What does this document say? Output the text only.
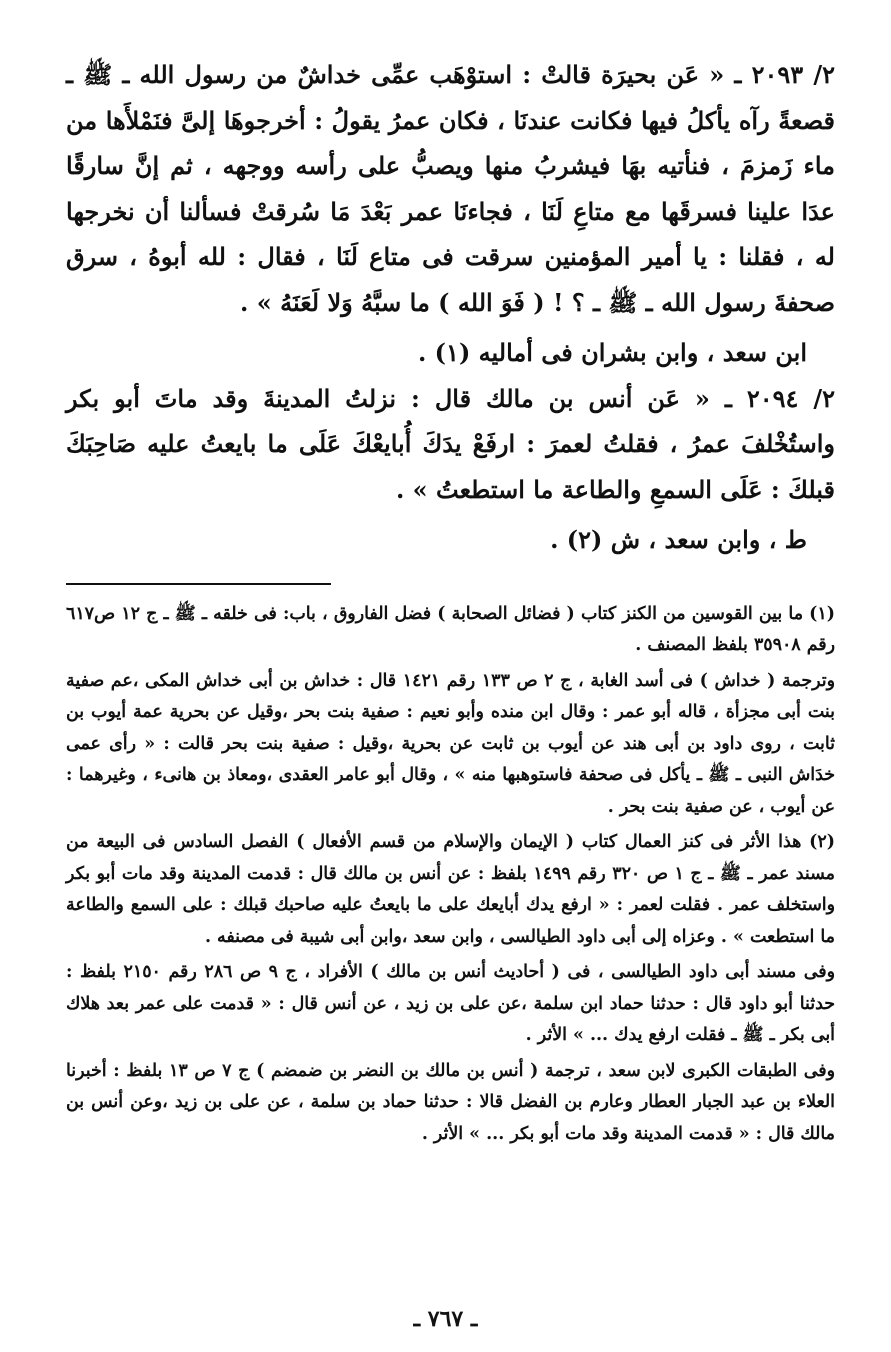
٢/ ٢٠٩٣ ـ « عَن بحيرَة قالتْ : استوْهَب عمِّى خداشٌ من رسول الله ـ ﷺ ـ قصعةً رآه يأكلُ فيها فكانت عندنَا ، فكان عمرُ يقولُ : أخرجوهَا إلىَّ فنَمْلأَها من ماء زَمزمَ ، فنأتيه بهَا فيشربُ منها ويصبُّ على رأسه ووجهه ، ثم إنَّ سارقًا عدَا علينا فسرقَها مع متاعِ لَنَا ، فجاءنَا عمر بَعْدَ مَا سُرقتْ فسألنا أن نخرجها له ، فقلنا : يا أمير المؤمنين سرقت فى متاع لَنَا ، فقال : لله أبوهُ ، سرق صحفةَ رسول الله ـ ﷺ ـ ؟ ! ( فَوَ الله ) ما سبَّهُ وَلا لَعَنَهُ » .

ابن سعد ، وابن بشران فى أماليه (١) .

٢/ ٢٠٩٤ ـ « عَن أنس بن مالك قال : نزلتُ المدينةَ وقد ماتَ أبو بكر واستُخْلفَ عمرُ ، فقلتُ لعمرَ : ارفَعْ يدَكَ أُبايعْكَ عَلَى ما بايعتُ عليه صَاحِبَكَ قبلكَ : عَلَى السمعِ والطاعة ما استطعتُ » .

ط ، وابن سعد ، ش (٢) .

(١) ما بين القوسين من الكنز كتاب ( فضائل الصحابة ) فضل الفاروق ، باب: فى خلقه ـ ﷺ ـ ج ١٢ ص٦١٧ رقم ٣٥٩٠٨ بلفظ المصنف .

وترجمة ( خداش ) فى أسد الغابة ، ج ٢ ص ١٣٣ رقم ١٤٢١ قال : خداش بن أبى خداش المكى ،عم صفية بنت أبى مجزأة ، قاله أبو عمر : وقال ابن منده وأبو نعيم : صفية بنت بحر ،وقيل عن بحرية عمة أيوب بن ثابت ، روى داود بن أبى هند عن أيوب بن ثابت عن بحرية ،وقيل : صفية بنت بحر قالت : « رأى عمى خدَاش النبى ـ ﷺ ـ يأكل فى صحفة فاستوهبها منه » ، وقال أبو عامر العقدى ،ومعاذ بن هانىء ، وغيرهما : عن أيوب ، عن صفية بنت بحر .

(٢) هذا الأثر فى كنز العمال كتاب ( الإيمان والإسلام من قسم الأفعال ) الفصل السادس فى البيعة من مسند عمر ـ ﷺ ـ ج ١ ص ٣٢٠ رقم ١٤٩٩ بلفظ : عن أنس بن مالك قال : قدمت المدينة وقد مات أبو بكر واستخلف عمر . فقلت لعمر : « ارفع يدك أبايعك على ما بايعتُ عليه صاحبك قبلك : على السمع والطاعة ما استطعت » . وعزاه إلى أبى داود الطيالسى ، وابن سعد ،وابن أبى شيبة فى مصنفه .

وفى مسند أبى داود الطيالسى ، فى ( أحاديث أنس بن مالك ) الأفراد ، ج ٩ ص ٢٨٦ رقم ٢١٥٠ بلفظ : حدثنا أبو داود قال : حدثنا حماد ابن سلمة ،عن على بن زيد ، عن أنس قال : « قدمت على عمر بعد هلاك أبى بكر ـ ﷺ ـ فقلت ارفع يدك ... » الأثر .

وفى الطبقات الكبرى لابن سعد ، ترجمة ( أنس بن مالك بن النضر بن ضمضم ) ج ٧ ص ١٣ بلفظ : أخبرنا العلاء بن عبد الجبار العطار وعارم بن الفضل قالا : حدثنا حماد بن سلمة ، عن على بن زيد ،وعن أنس بن مالك قال : « قدمت المدينة وقد مات أبو بكر ... » الأثر .

ـ ٧٦٧ ـ
